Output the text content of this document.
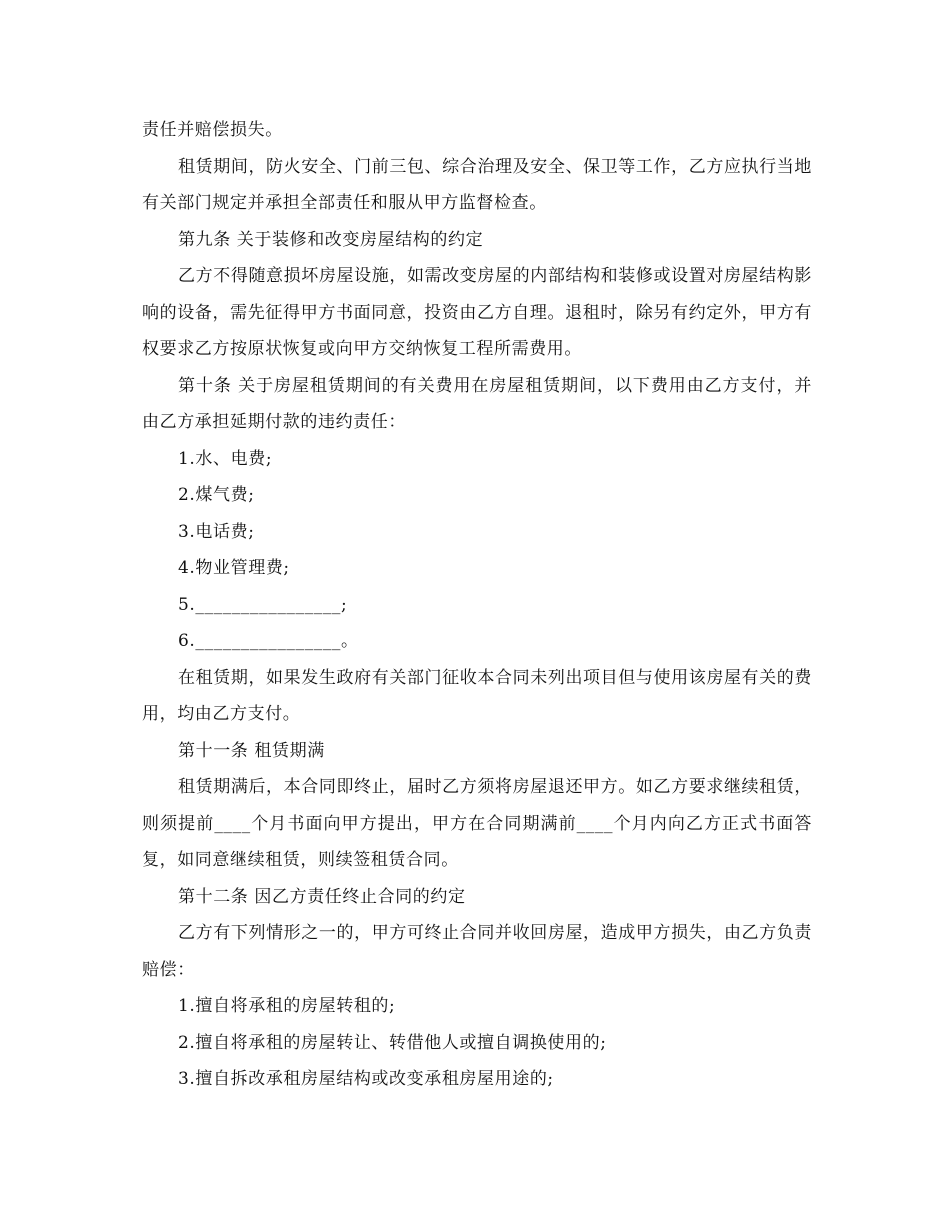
责任并赔偿损失。

租赁期间，防火安全、门前三包、综合治理及安全、保卫等工作，乙方应执行当地有关部门规定并承担全部责任和服从甲方监督检查。

第九条 关于装修和改变房屋结构的约定

乙方不得随意损坏房屋设施，如需改变房屋的内部结构和装修或设置对房屋结构影响的设备，需先征得甲方书面同意，投资由乙方自理。退租时，除另有约定外，甲方有权要求乙方按原状恢复或向甲方交纳恢复工程所需费用。

第十条 关于房屋租赁期间的有关费用在房屋租赁期间，以下费用由乙方支付，并由乙方承担延期付款的违约责任：

1.水、电费;

2.煤气费;

3.电话费;

4.物业管理费;

5.________________;

6.________________。

在租赁期，如果发生政府有关部门征收本合同未列出项目但与使用该房屋有关的费用，均由乙方支付。

第十一条 租赁期满

租赁期满后，本合同即终止，届时乙方须将房屋退还甲方。如乙方要求继续租赁，则须提前____个月书面向甲方提出，甲方在合同期满前____个月内向乙方正式书面答复，如同意继续租赁，则续签租赁合同。

第十二条 因乙方责任终止合同的约定

乙方有下列情形之一的，甲方可终止合同并收回房屋，造成甲方损失，由乙方负责赔偿：

1.擅自将承租的房屋转租的;

2.擅自将承租的房屋转让、转借他人或擅自调换使用的;

3.擅自拆改承租房屋结构或改变承租房屋用途的;
